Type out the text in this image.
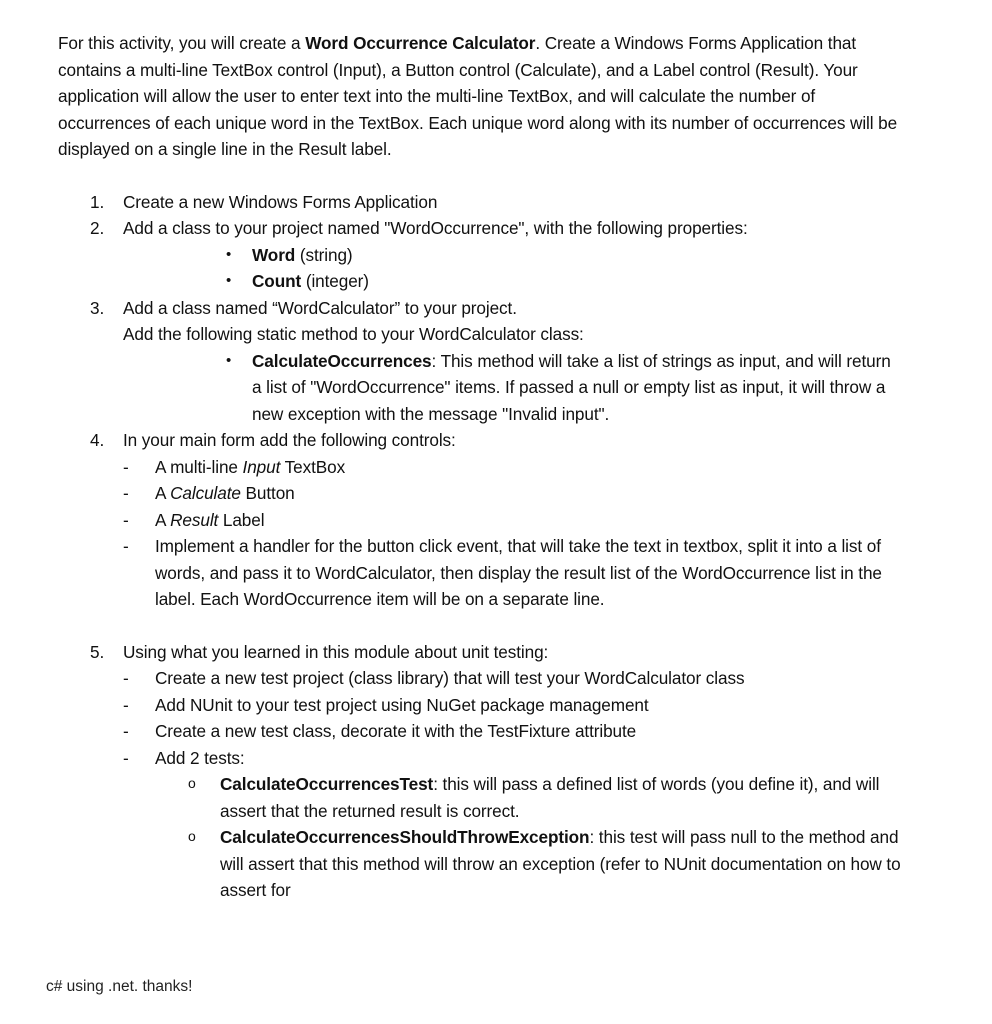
For this activity, you will create a Word Occurrence Calculator. Create a Windows Forms Application that contains a multi-line TextBox control (Input), a Button control (Calculate), and a Label control (Result). Your application will allow the user to enter text into the multi-line TextBox, and will calculate the number of occurrences of each unique word in the TextBox. Each unique word along with its number of occurrences will be displayed on a single line in the Result label.
1.	Create a new Windows Forms Application
2.	Add a class to your project named "WordOccurrence", with the following properties:
• Word (string)
• Count (integer)
3.	Add a class named “WordCalculator” to your project.
Add the following static method to your WordCalculator class:
• CalculateOccurrences: This method will take a list of strings as input, and will return a list of "WordOccurrence" items. If passed a null or empty list as input, it will throw a new exception with the message "Invalid input".
4.	In your main form add the following controls:
- A multi-line Input TextBox
- A Calculate Button
- A Result Label
- Implement a handler for the button click event, that will take the text in textbox, split it into a list of words, and pass it to WordCalculator, then display the result list of the WordOccurrence list in the label. Each WordOccurrence item will be on a separate line.
5.	Using what you learned in this module about unit testing:
- Create a new test project (class library) that will test your WordCalculator class
- Add NUnit to your test project using NuGet package management
- Create a new test class, decorate it with the TestFixture attribute
- Add 2 tests:
o CalculateOccurrencesTest: this will pass a defined list of words (you define it), and will assert that the returned result is correct.
o CalculateOccurrencesShouldThrowException: this test will pass null to the method and will assert that this method will throw an exception (refer to NUnit documentation on how to assert for
c# using .net. thanks!
